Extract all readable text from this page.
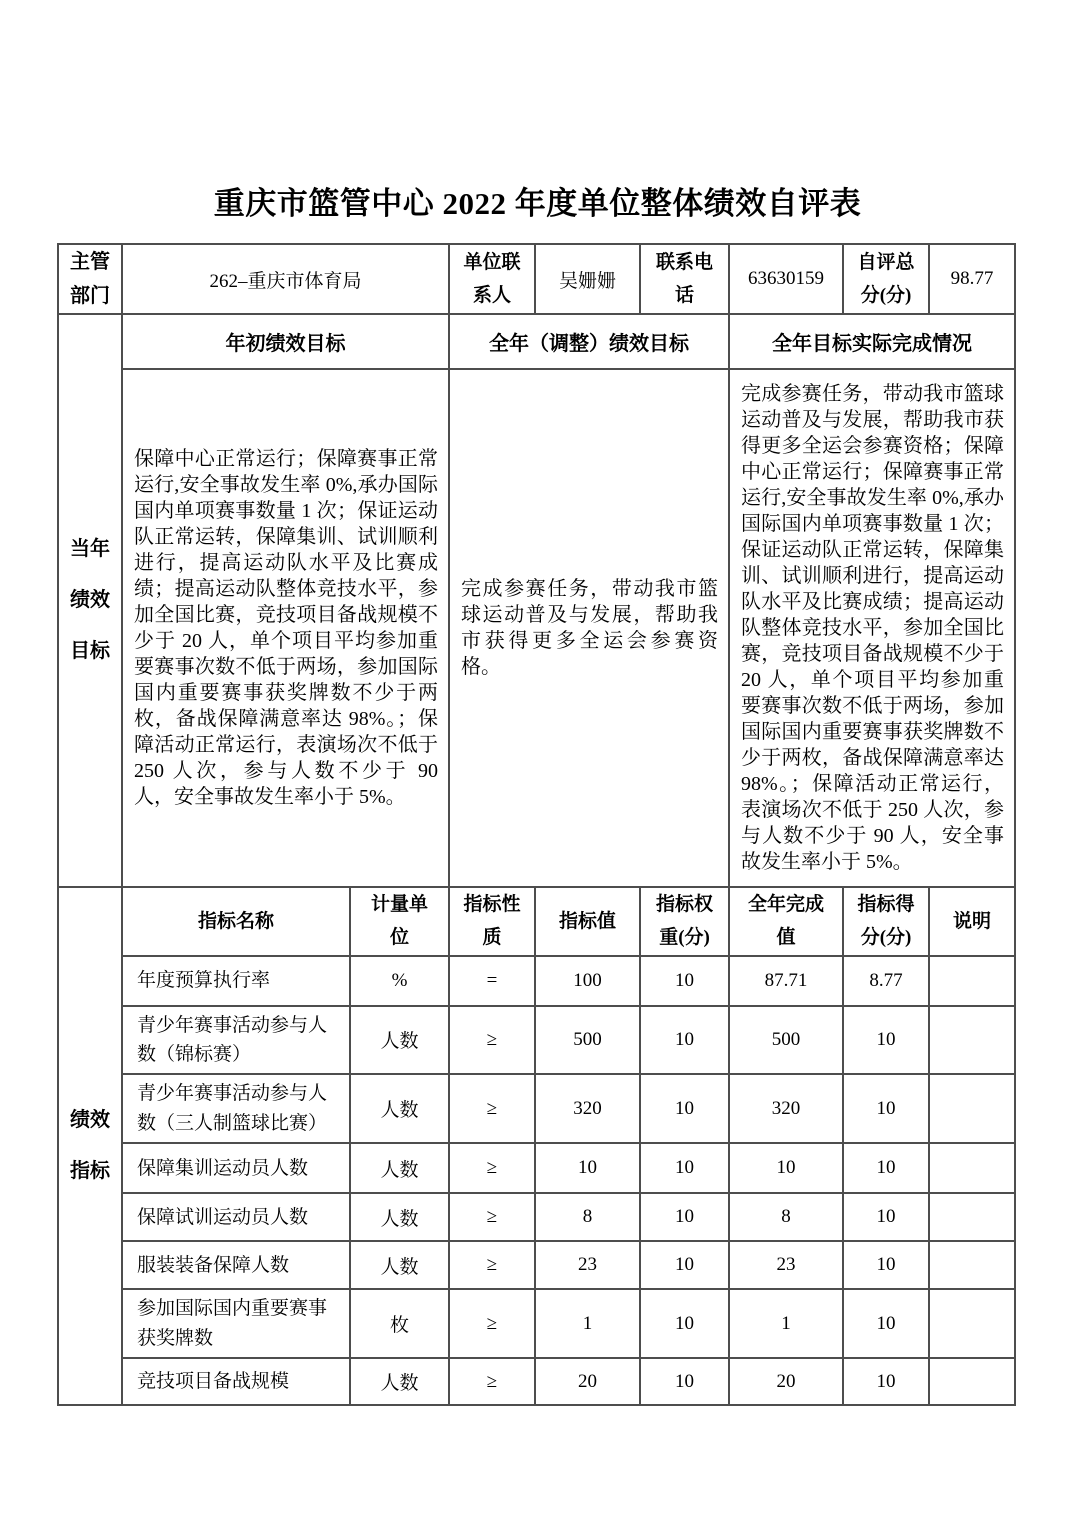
重庆市篮管中心 2022 年度单位整体绩效自评表
主管部门	262–重庆市体育局		单位联系人	吴姗姗	联系电话	63630159	自评总分(分)	98.77
当年绩效目标	年初绩效目标		全年（调整）绩效目标			全年目标实际完成情况		
保障中心正常运行；保障赛事正常运行,安全事故发生率 0%,承办国际国内单项赛事数量 1 次；保证运动队正常运转，保障集训、试训顺利进行，提高运动队水平及比赛成绩；提高运动队整体竞技水平，参加全国比赛，竞技项目备战规模不少于 20 人，单个项目平均参加重要赛事次数不低于两场，参加国际国内重要赛事获奖牌数不少于两枚，备战保障满意率达 98%。；保障活动正常运行，表演场次不低于 250 人次，参与人数不少于 90 人，安全事故发生率小于 5%。	完成参赛任务，带动我市篮球运动普及与发展，帮助我市获得更多全运会参赛资格。	完成参赛任务，带动我市篮球运动普及与发展，帮助我市获得更多全运会参赛资格；保障中心正常运行；保障赛事正常运行,安全事故发生率 0%,承办国际国内单项赛事数量 1 次；保证运动队正常运转，保障集训、试训顺利进行，提高运动队水平及比赛成绩；提高运动队整体竞技水平，参加全国比赛，竞技项目备战规模不少于 20 人，单个项目平均参加重要赛事次数不低于两场，参加国际国内重要赛事获奖牌数不少于两枚，备战保障满意率达 98%。；保障活动正常运行，表演场次不低于 250 人次，参与人数不少于 90 人，安全事故发生率小于 5%。
绩效指标	指标名称	计量单位	指标性质	指标值	指标权重(分)	全年完成值	指标得分(分)	说明
	年度预算执行率	%	=	100	10	87.71	8.77	
	青少年赛事活动参与人数（锦标赛）	人数	≥	500	10	500	10	
	青少年赛事活动参与人数（三人制篮球比赛）	人数	≥	320	10	320	10	
	保障集训运动员人数	人数	≥	10	10	10	10	
	保障试训运动员人数	人数	≥	8	10	8	10	
	服装装备保障人数	人数	≥	23	10	23	10	
	参加国际国内重要赛事获奖牌数	枚	≥	1	10	1	10	
	竞技项目备战规模	人数	≥	20	10	20	10	
